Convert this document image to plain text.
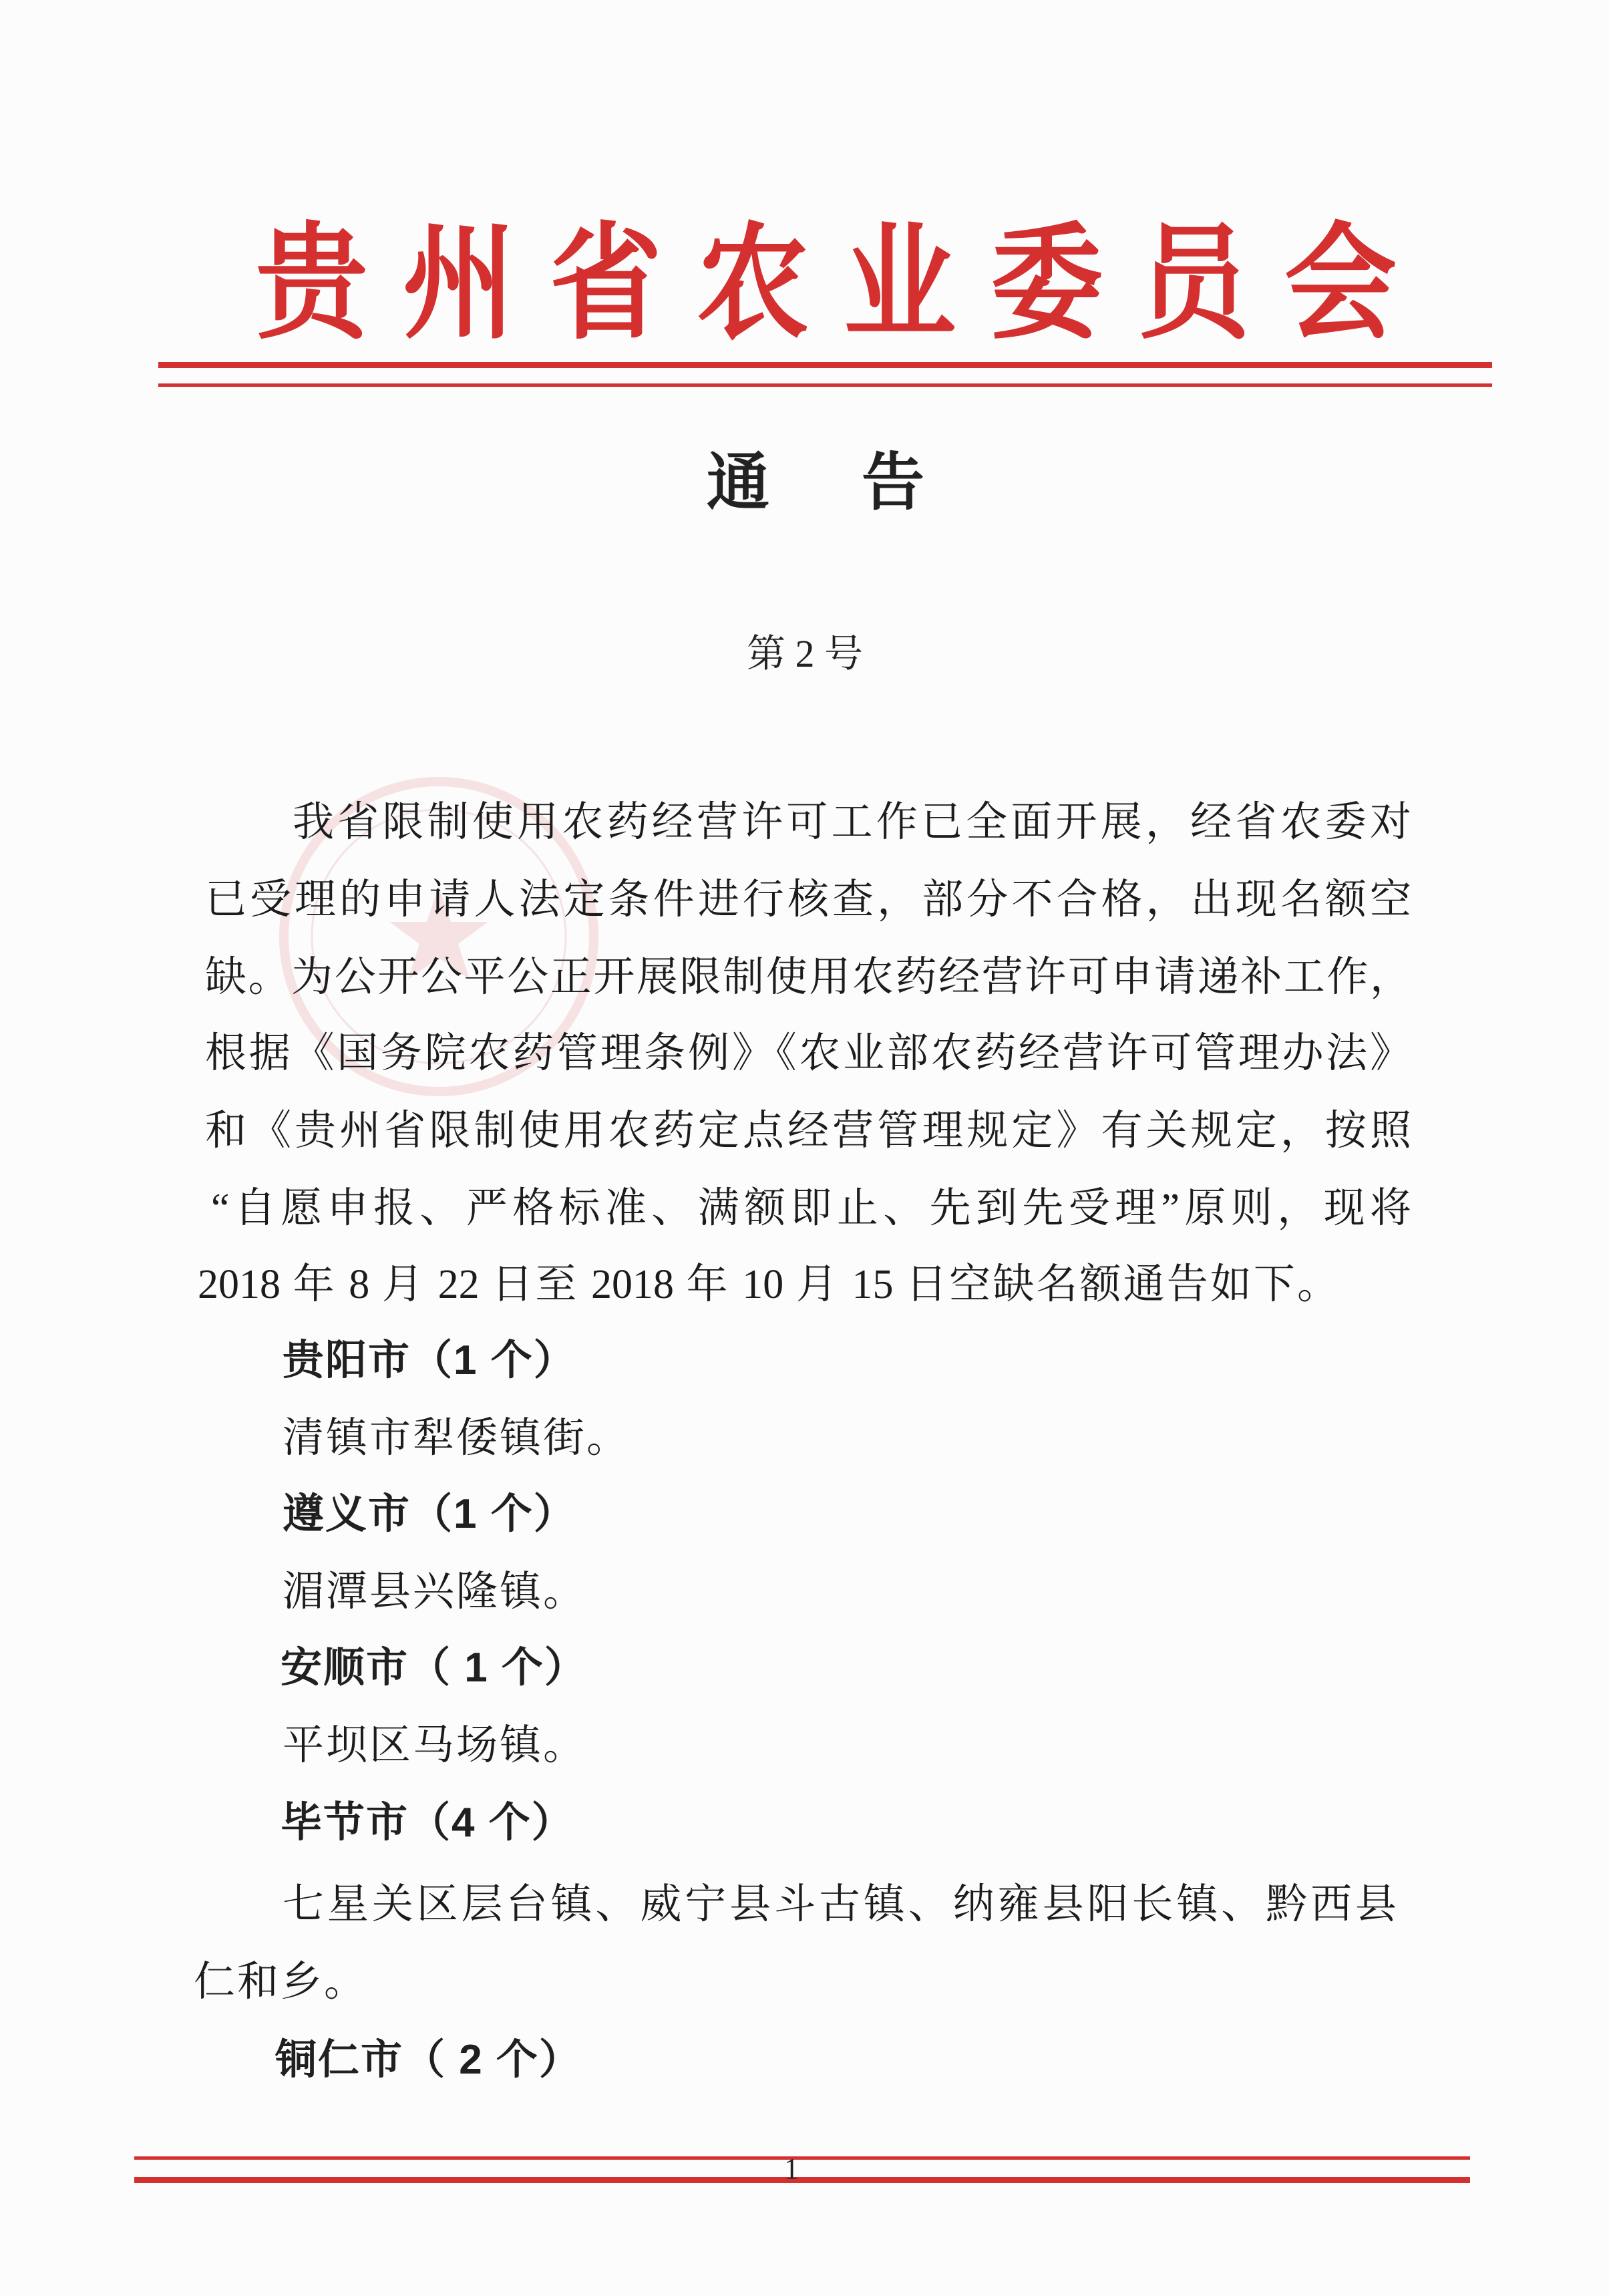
贵州省农业委员会
通 告
第 2 号
我省限制使用农药经营许可工作已全面开展，经省农委对
已受理的申请人法定条件进行核查，部分不合格，出现名额空
缺。为公开公平公正开展限制使用农药经营许可申请递补工作，
根据《国务院农药管理条例》《农业部农药经营许可管理办法》
和《贵州省限制使用农药定点经营管理规定》有关规定，按照
“自愿申报、严格标准、满额即止、先到先受理”原则，现将
2018 年 8 月 22 日至 2018 年 10 月 15 日空缺名额通告如下。
贵阳市（1 个）
清镇市犁倭镇街。
遵义市（1 个）
湄潭县兴隆镇。
安顺市（ 1 个）
平坝区马场镇。
毕节市（4 个）
七星关区层台镇、威宁县斗古镇、纳雍县阳长镇、黔西县
仁和乡。
铜仁市（ 2 个）
1
